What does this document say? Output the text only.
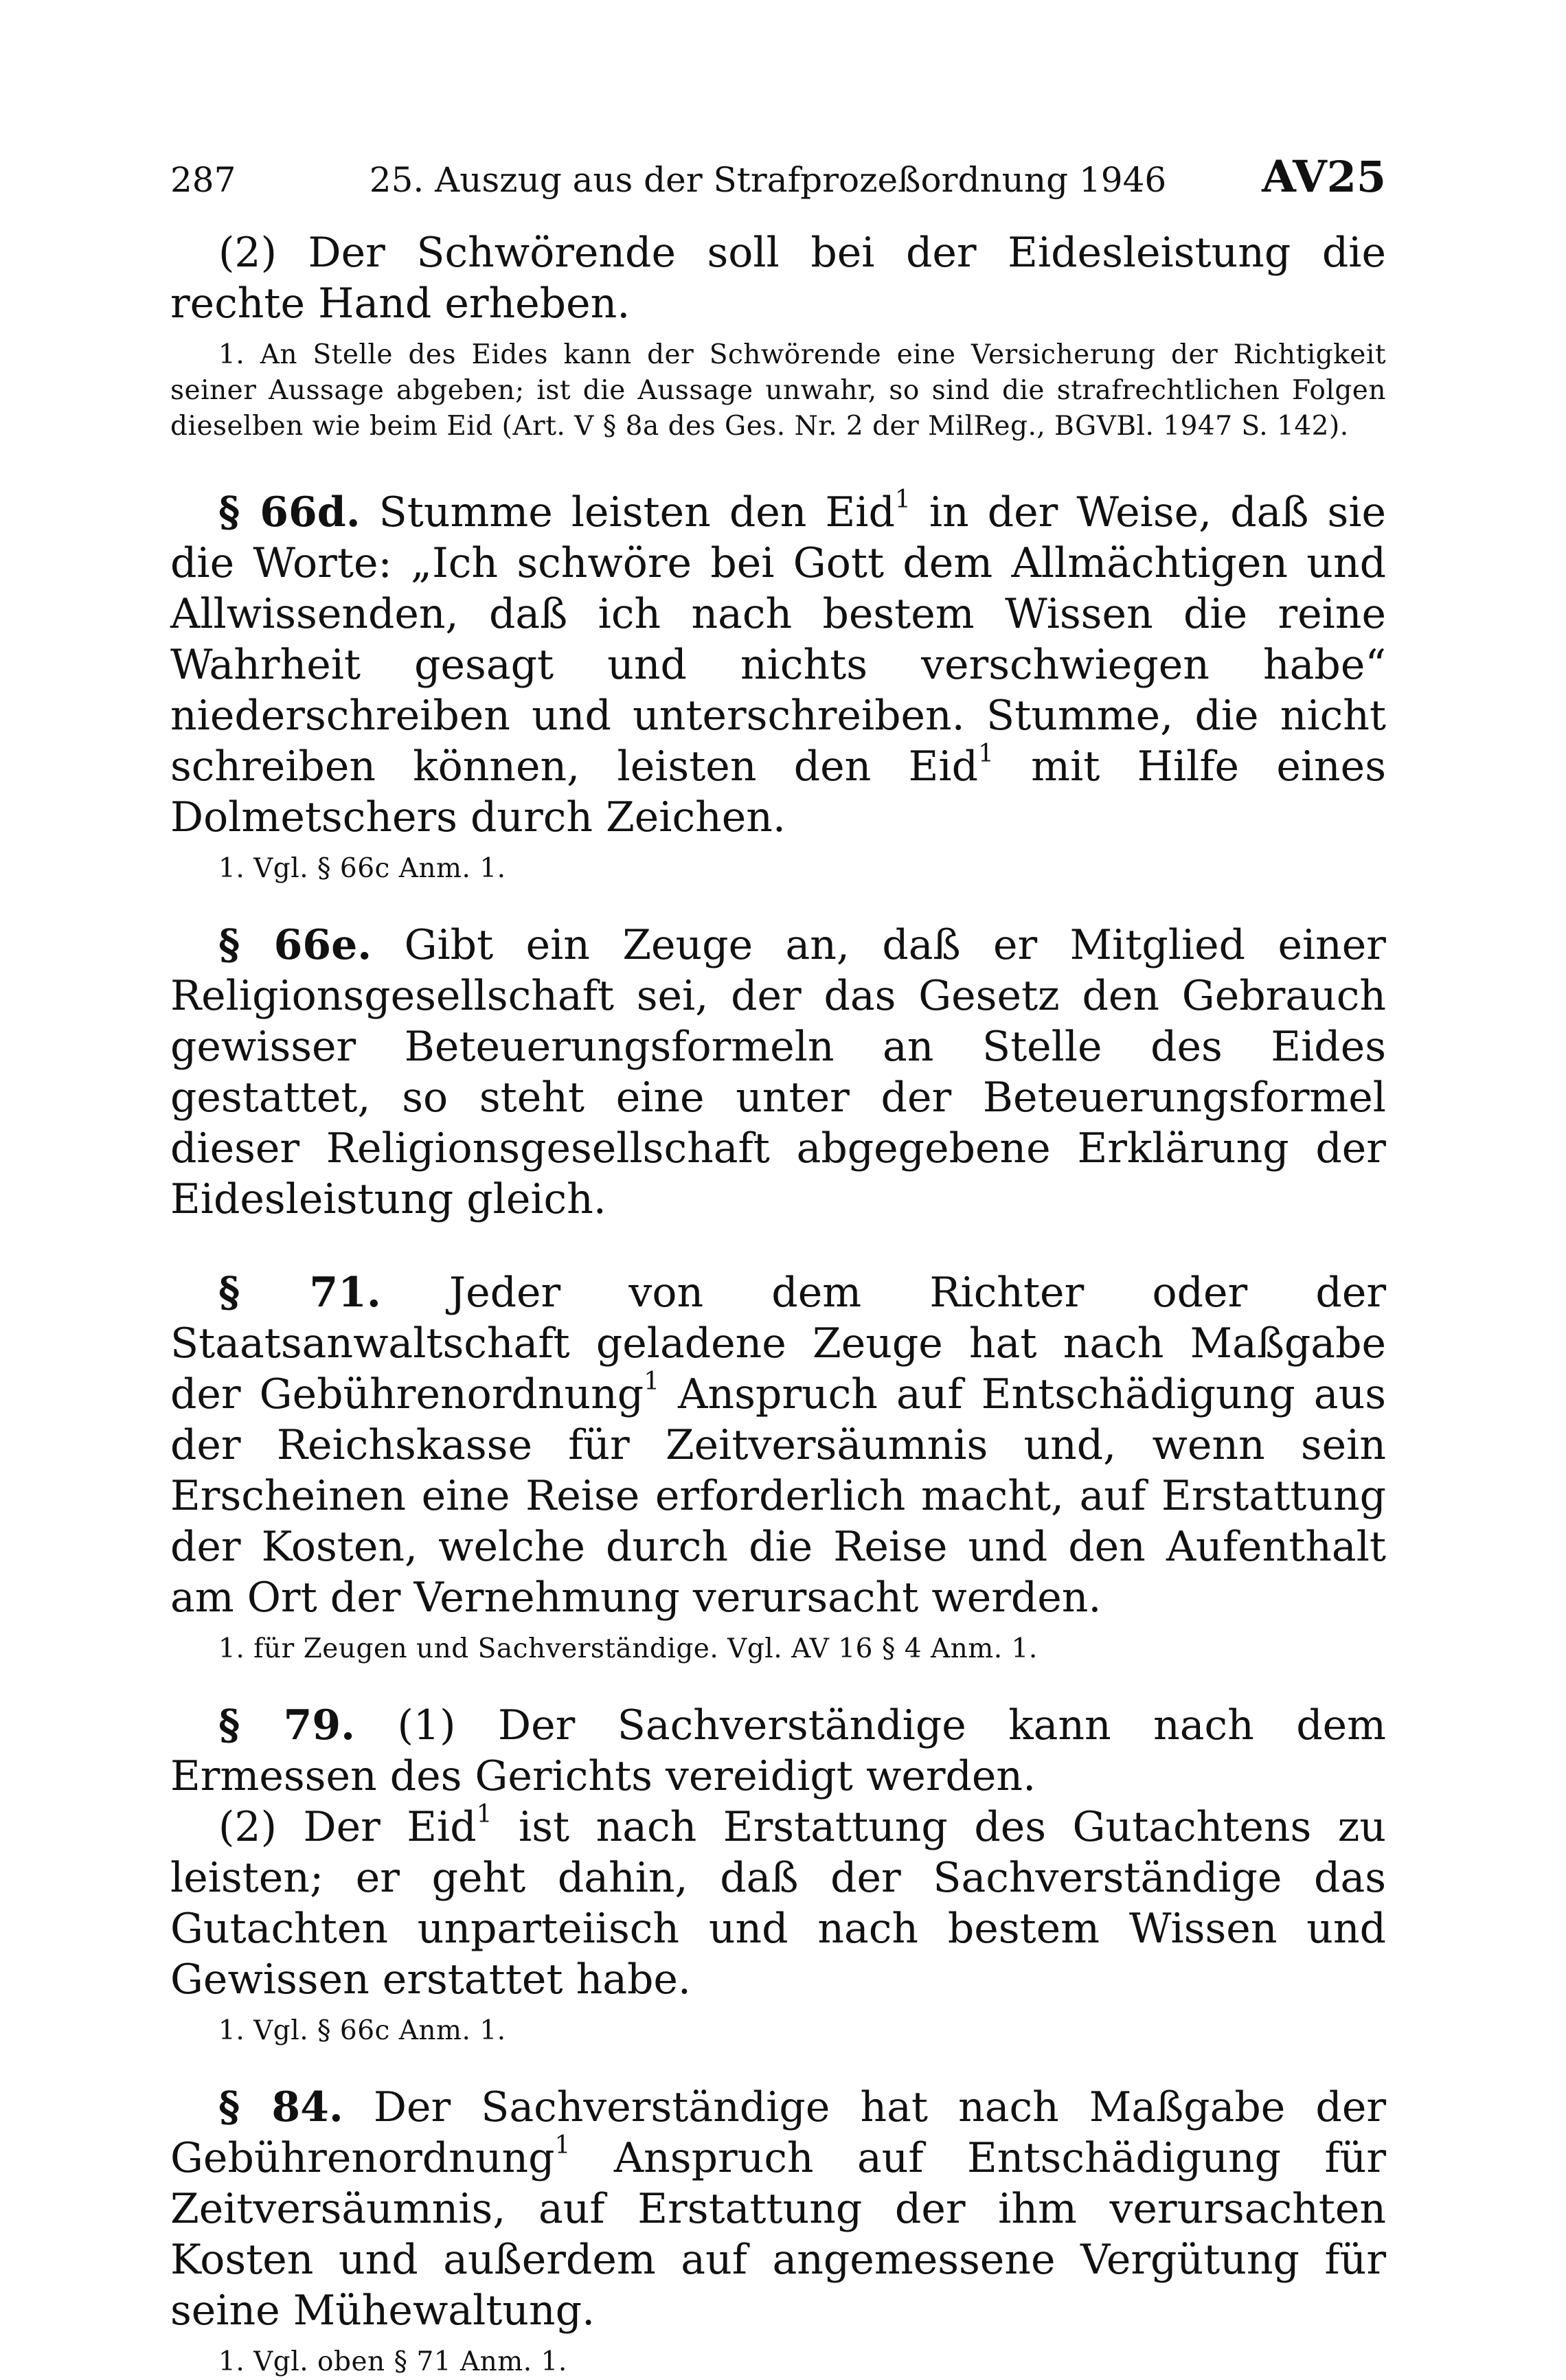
287	25. Auszug aus der Strafprozeßordnung 1946	AV25

(2) Der Schwörende soll bei der Eidesleistung die rechte Hand erheben.

1. An Stelle des Eides kann der Schwörende eine Versicherung der Richtigkeit seiner Aussage abgeben; ist die Aussage unwahr, so sind die strafrechtlichen Folgen dieselben wie beim Eid (Art. V § 8a des Ges. Nr. 2 der MilReg., BGVBl. 1947 S. 142).

§ 66d. Stumme leisten den Eid$^1$ in der Weise, daß sie die Worte: „Ich schwöre bei Gott dem Allmächtigen und Allwissenden, daß ich nach bestem Wissen die reine Wahrheit gesagt und nichts verschwiegen habe“ niederschreiben und unterschreiben. Stumme, die nicht schreiben können, leisten den Eid$^1$ mit Hilfe eines Dolmetschers durch Zeichen.

1. Vgl. § 66c Anm. 1.

§ 66e. Gibt ein Zeuge an, daß er Mitglied einer Religionsgesellschaft sei, der das Gesetz den Gebrauch gewisser Beteuerungsformeln an Stelle des Eides gestattet, so steht eine unter der Beteuerungsformel dieser Religionsgesellschaft abgegebene Erklärung der Eidesleistung gleich.

§ 71. Jeder von dem Richter oder der Staatsanwaltschaft geladene Zeuge hat nach Maßgabe der Gebührenordnung$^1$ Anspruch auf Entschädigung aus der Reichskasse für Zeitversäumnis und, wenn sein Erscheinen eine Reise erforderlich macht, auf Erstattung der Kosten, welche durch die Reise und den Aufenthalt am Ort der Vernehmung verursacht werden.

1. für Zeugen und Sachverständige. Vgl. AV 16 § 4 Anm. 1.

§ 79. (1) Der Sachverständige kann nach dem Ermessen des Gerichts vereidigt werden.

(2) Der Eid$^1$ ist nach Erstattung des Gutachtens zu leisten; er geht dahin, daß der Sachverständige das Gutachten unparteiisch und nach bestem Wissen und Gewissen erstattet habe.

1. Vgl. § 66c Anm. 1.

§ 84. Der Sachverständige hat nach Maßgabe der Gebührenordnung$^1$ Anspruch auf Entschädigung für Zeitversäumnis, auf Erstattung der ihm verursachten Kosten und außerdem auf angemessene Vergütung für seine Mühewaltung.

1. Vgl. oben § 71 Anm. 1.
